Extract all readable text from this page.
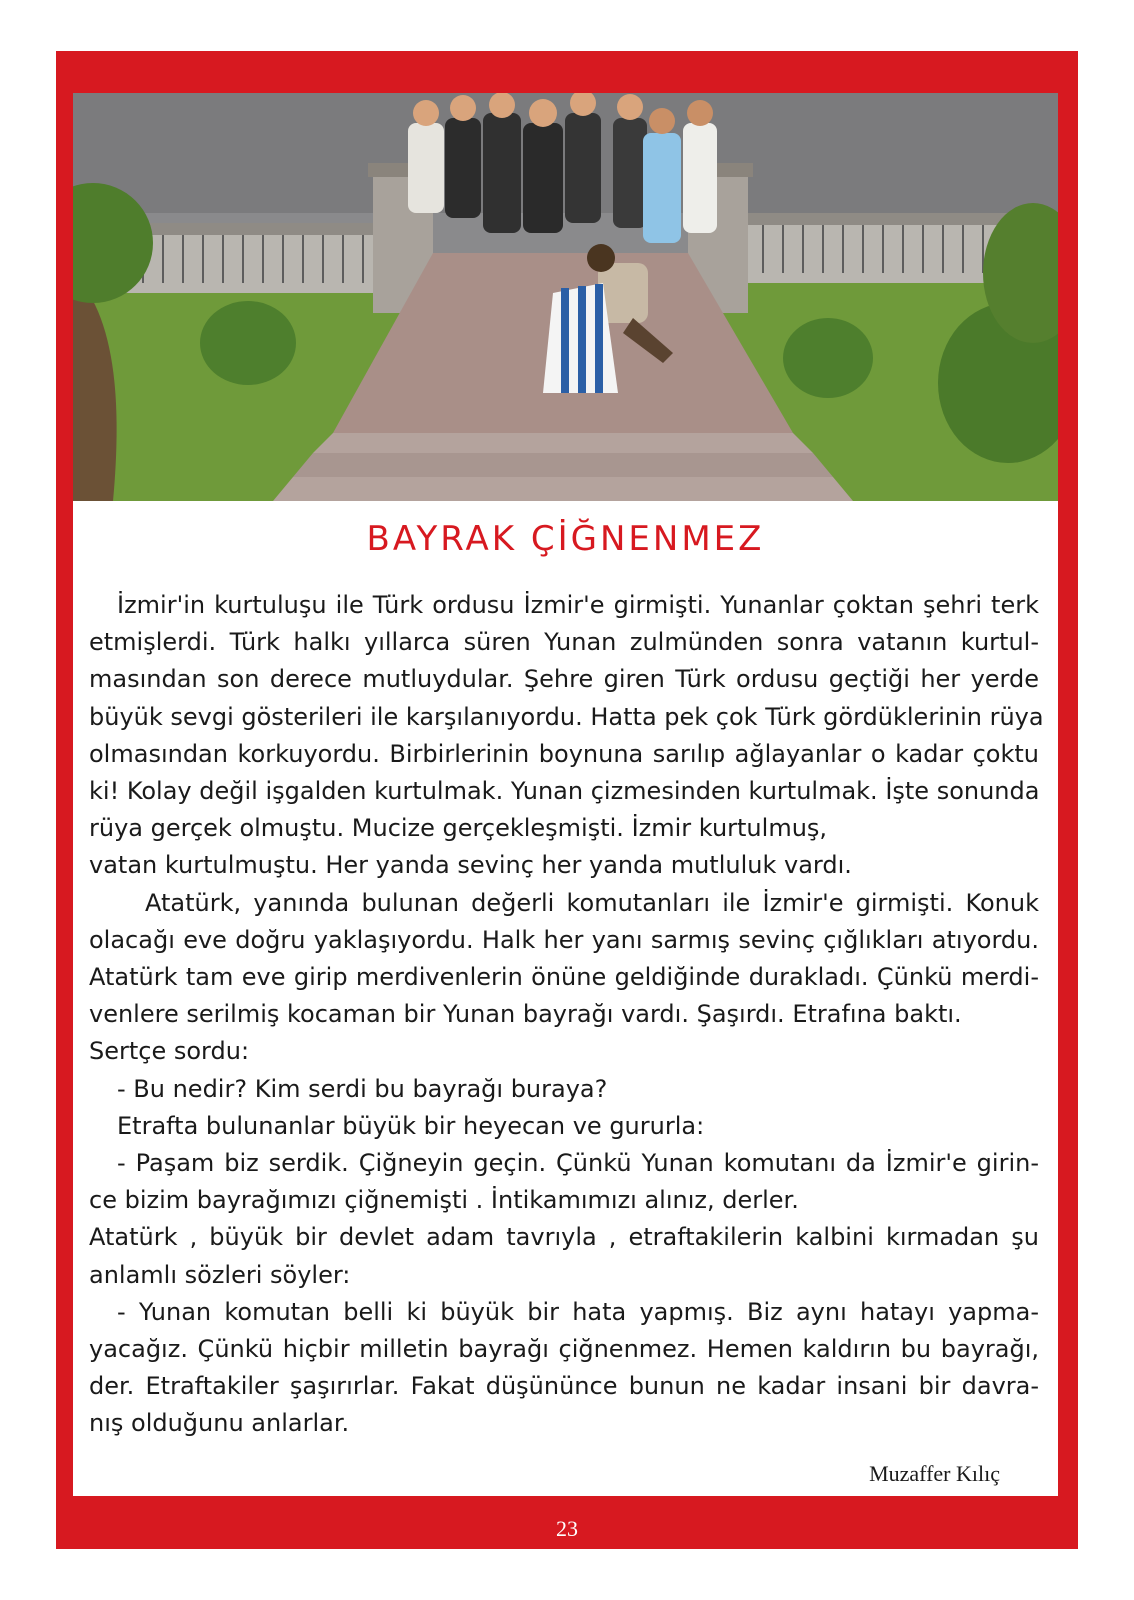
BAYRAK ÇİĞNENMEZ
İzmir'in kurtuluşu ile Türk ordusu İzmir'e girmişti. Yunanlar çoktan şehri terk
etmişlerdi. Türk halkı yıllarca süren Yunan zulmünden sonra vatanın kurtul-
masından son derece mutluydular. Şehre giren Türk ordusu geçtiği her yerde
büyük sevgi gösterileri ile karşılanıyordu. Hatta pek çok Türk gördüklerinin rüya
olmasından korkuyordu. Birbirlerinin boynuna sarılıp ağlayanlar o kadar çoktu
ki! Kolay değil işgalden kurtulmak. Yunan çizmesinden kurtulmak. İşte sonunda
rüya gerçek olmuştu. Mucize gerçekleşmişti. İzmir kurtulmuş,
vatan kurtulmuştu. Her yanda sevinç her yanda mutluluk vardı.
Atatürk, yanında bulunan değerli komutanları ile İzmir'e girmişti. Konuk
olacağı eve doğru yaklaşıyordu. Halk her yanı sarmış sevinç çığlıkları atıyordu.
Atatürk tam eve girip merdivenlerin önüne geldiğinde durakladı. Çünkü merdi-
venlere serilmiş kocaman bir Yunan bayrağı vardı. Şaşırdı. Etrafına baktı.
Sertçe sordu:
- Bu nedir? Kim serdi bu bayrağı buraya?
Etrafta bulunanlar büyük bir heyecan ve gururla:
- Paşam biz serdik. Çiğneyin geçin. Çünkü Yunan komutanı da İzmir'e girin-
ce bizim bayrağımızı çiğnemişti . İntikamımızı alınız, derler.
Atatürk , büyük bir devlet adam tavrıyla , etraftakilerin kalbini kırmadan şu
anlamlı sözleri söyler:
- Yunan komutan belli ki büyük bir hata yapmış. Biz aynı hatayı yapma-
yacağız. Çünkü hiçbir milletin bayrağı çiğnenmez. Hemen kaldırın bu bayrağı,
der. Etraftakiler şaşırırlar. Fakat düşününce bunun ne kadar insani bir davra-
nış olduğunu anlarlar.
Muzaffer Kılıç
23
